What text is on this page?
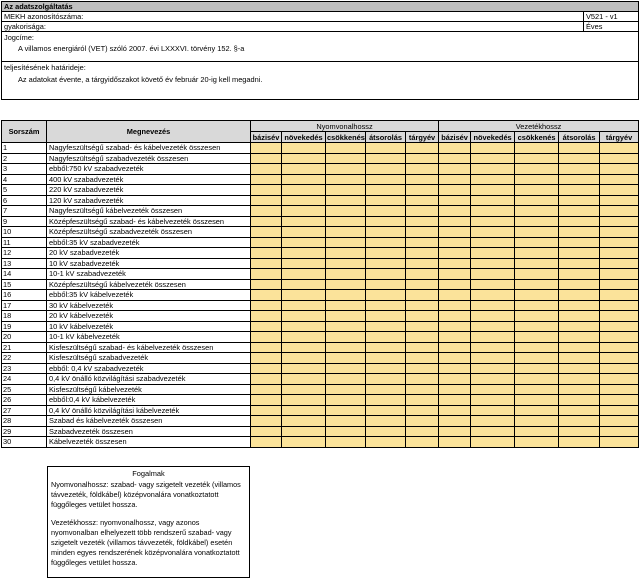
Az adatszolgáltatás	
MEKH azonosítószáma:	V521 - v1
gyakorisága:	Éves

Jogcíme:
A villamos energiáról (VET) szóló 2007. évi LXXXVI. törvény 152. §-a	

teljesítésének határideje:
Az adatokat évente, a tárgyidőszakot követő év február 20-ig kell megadni.	
Sorszám	Megnevezés	Nyomvonalhossz					Vezetékhossz				
		bázisév	növekedés	csökkenés	átsorolás	tárgyév	bázisév	növekedés	csökkenés	átsorolás	tárgyév
1	Nagyfeszültségű szabad- és kábelvezeték összesen										
2	Nagyfeszültségű szabadvezeték összesen										
3	ebből:750 kV szabadvezeték										
4	400 kV szabadvezeték										
5	220 kV szabadvezeték										
6	120 kV szabadvezeték										
7	Nagyfeszültségű kábelvezeték összesen										
9	Középfeszültségű szabad- és kábelvezeték összesen										
10	Középfeszültségű szabadvezeték összesen										
11	ebből:35 kV szabadvezeték										
12	20 kV szabadvezeték										
13	10 kV szabadvezeték										
14	10-1 kV szabadvezeték										
15	Középfeszültségű kábelvezeték összesen										
16	ebből:35 kV kábelvezeték										
17	30 kV kábelvezeték										
18	20 kV kábelvezeték										
19	10 kV kábelvezeték										
20	10-1 kV kábelvezeték										
21	Kisfeszültségű szabad- és kábelvezeték összesen										
22	Kisfeszültségű szabadvezeték										
23	ebből: 0,4 kV szabadvezeték										
24	0,4 kV önálló közvilágítási szabadvezeték										
25	Kisfeszültségű kábelvezeték										
26	ebből:0,4 kV kábelvezeték										
27	0,4 kV önálló közvilágítási kábelvezeték										
28	Szabad és kábelvezeték összesen										
29	Szabadvezeték összesen										
30	Kábelvezeték összesen										
Fogalmak

Nyomvonalhossz: szabad- vagy szigetelt vezeték (villamos távvezeték, földkábel) középvonalára vonatkoztatott függőleges vetület hossza.

Vezetékhossz: nyomvonalhossz, vagy azonos nyomvonalban elhelyezett több rendszerű szabad- vagy szigetelt vezeték (villamos távvezeték, földkábel) esetén minden egyes rendszerének középvonalára vonatkoztatott függőleges vetület hossza.
